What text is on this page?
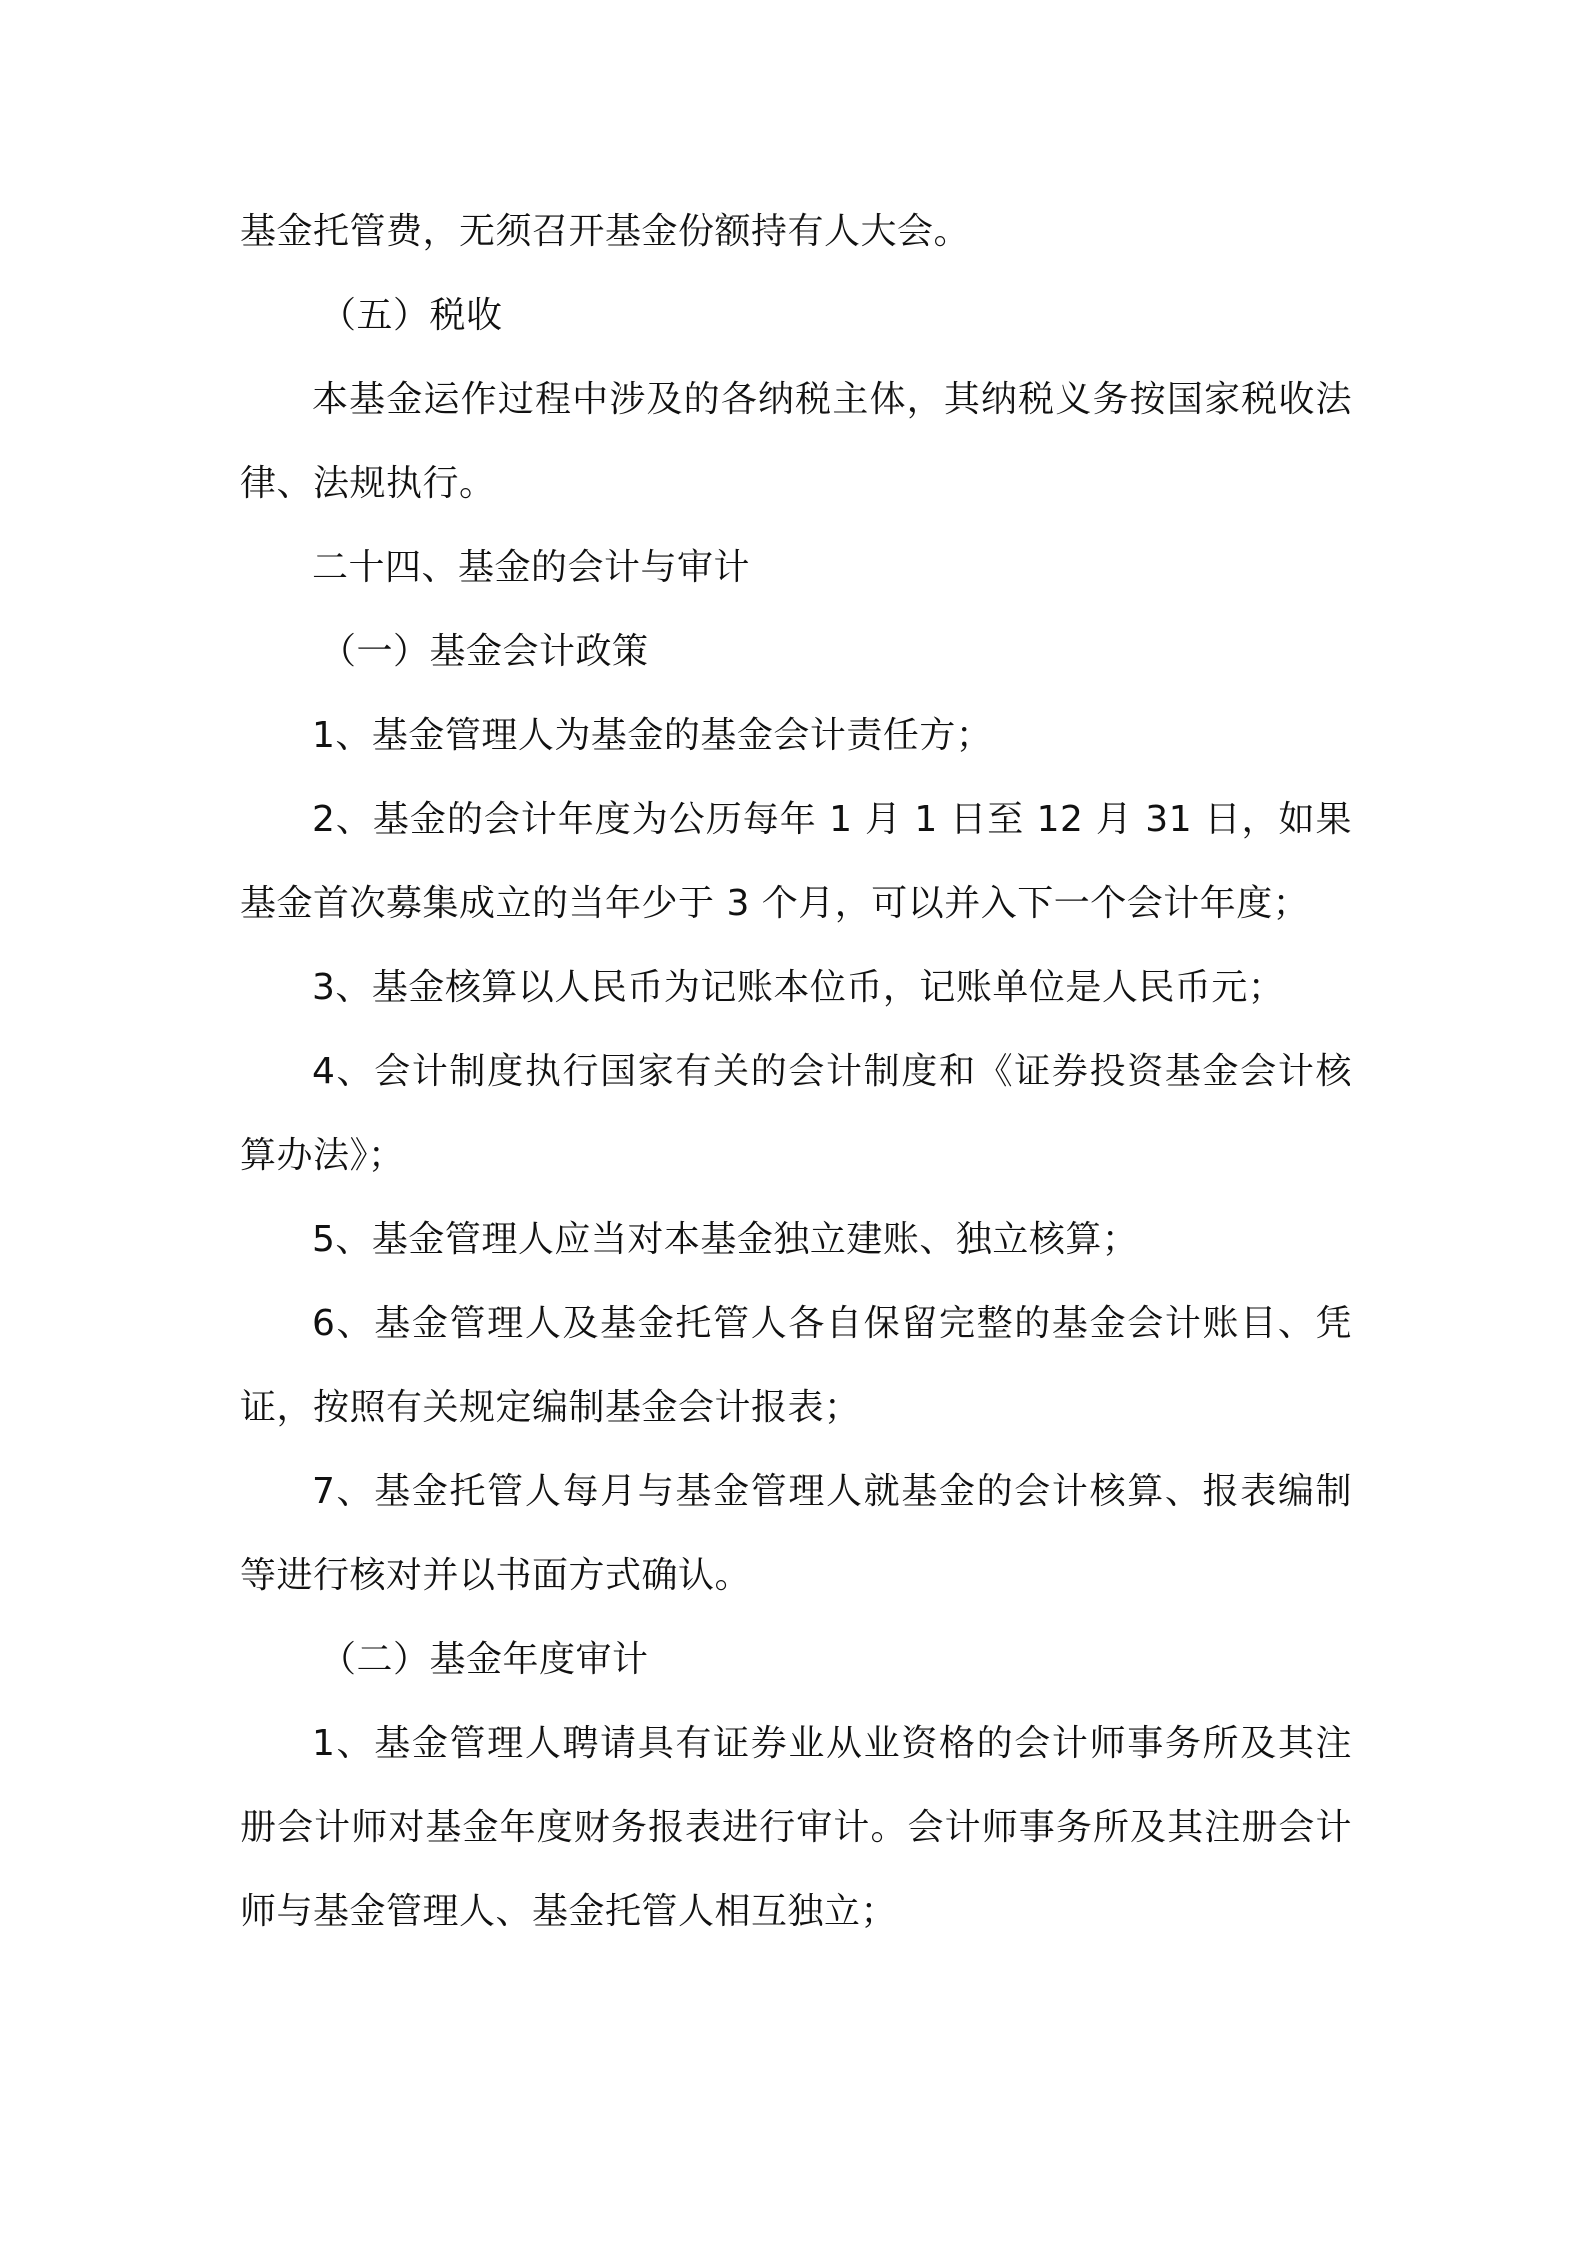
基金托管费，无须召开基金份额持有人大会。

（五）税收

本基金运作过程中涉及的各纳税主体，其纳税义务按国家税收法律、法规执行。

二十四、基金的会计与审计

（一）基金会计政策

1、基金管理人为基金的基金会计责任方；

2、基金的会计年度为公历每年 1 月 1 日至 12 月 31 日，如果基金首次募集成立的当年少于 3 个月，可以并入下一个会计年度；

3、基金核算以人民币为记账本位币，记账单位是人民币元；

4、会计制度执行国家有关的会计制度和《证券投资基金会计核算办法》；

5、基金管理人应当对本基金独立建账、独立核算；

6、基金管理人及基金托管人各自保留完整的基金会计账目、凭证，按照有关规定编制基金会计报表；

7、基金托管人每月与基金管理人就基金的会计核算、报表编制等进行核对并以书面方式确认。

（二）基金年度审计

1、基金管理人聘请具有证券业从业资格的会计师事务所及其注册会计师对基金年度财务报表进行审计。会计师事务所及其注册会计师与基金管理人、基金托管人相互独立；
